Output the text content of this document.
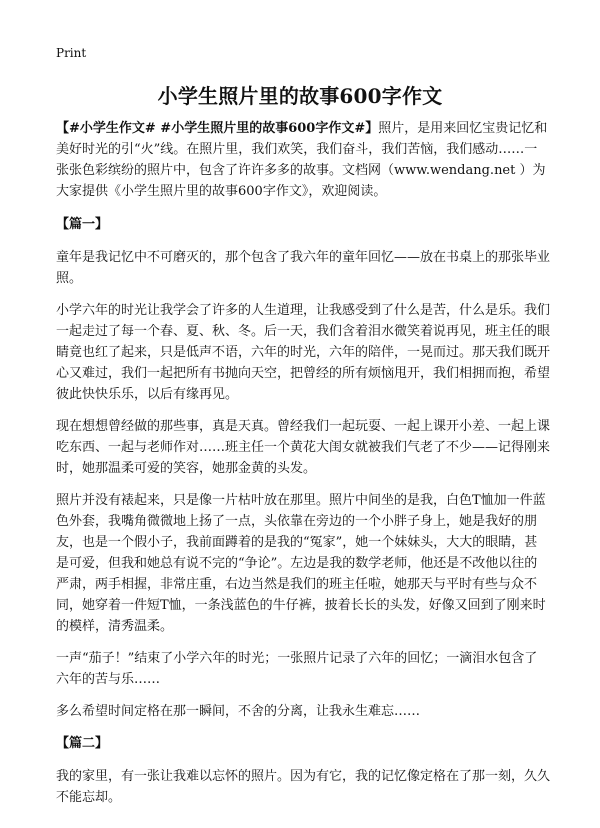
Print
小学生照片里的故事600字作文

【#小学生作文# #小学生照片里的故事600字作文#】照片，是用来回忆宝贵记忆和美好时光的引“火”线。在照片里，我们欢笑，我们奋斗，我们苦恼，我们感动……一张张色彩缤纷的照片中，包含了许许多多的故事。文档网（www.wendang.net ）为大家提供《小学生照片里的故事600字作文》，欢迎阅读。

【篇一】

童年是我记忆中不可磨灭的，那个包含了我六年的童年回忆——放在书桌上的那张毕业照。

小学六年的时光让我学会了许多的人生道理，让我感受到了什么是苦，什么是乐。我们一起走过了每一个春、夏、秋、冬。后一天，我们含着泪水微笑着说再见，班主任的眼睛竟也红了起来，只是低声不语，六年的时光，六年的陪伴，一晃而过。那天我们既开心又难过，我们一起把所有书抛向天空，把曾经的所有烦恼甩开，我们相拥而抱，希望彼此快快乐乐，以后有缘再见。

现在想想曾经做的那些事，真是天真。曾经我们一起玩耍、一起上课开小差、一起上课吃东西、一起与老师作对……班主任一个黄花大闺女就被我们气老了不少——记得刚来时，她那温柔可爱的笑容，她那金黄的头发。

照片并没有裱起来，只是像一片枯叶放在那里。照片中间坐的是我，白色T恤加一件蓝色外套，我嘴角微微地上扬了一点，头依靠在旁边的一个小胖子身上，她是我好的朋友，也是一个假小子，我前面蹲着的是我的“冤家”，她一个妹妹头，大大的眼睛，甚是可爱，但我和她总有说不完的“争论”。左边是我的数学老师，他还是不改他以往的严肃，两手相握，非常庄重，右边当然是我们的班主任啦，她那天与平时有些与众不同，她穿着一件短T恤，一条浅蓝色的牛仔裤，披着长长的头发，好像又回到了刚来时的模样，清秀温柔。

一声“茄子！”结束了小学六年的时光；一张照片记录了六年的回忆；一滴泪水包含了六年的苦与乐……

多么希望时间定格在那一瞬间，不舍的分离，让我永生难忘……

【篇二】

我的家里，有一张让我难以忘怀的照片。因为有它，我的记忆像定格在了那一刻，久久不能忘却。
